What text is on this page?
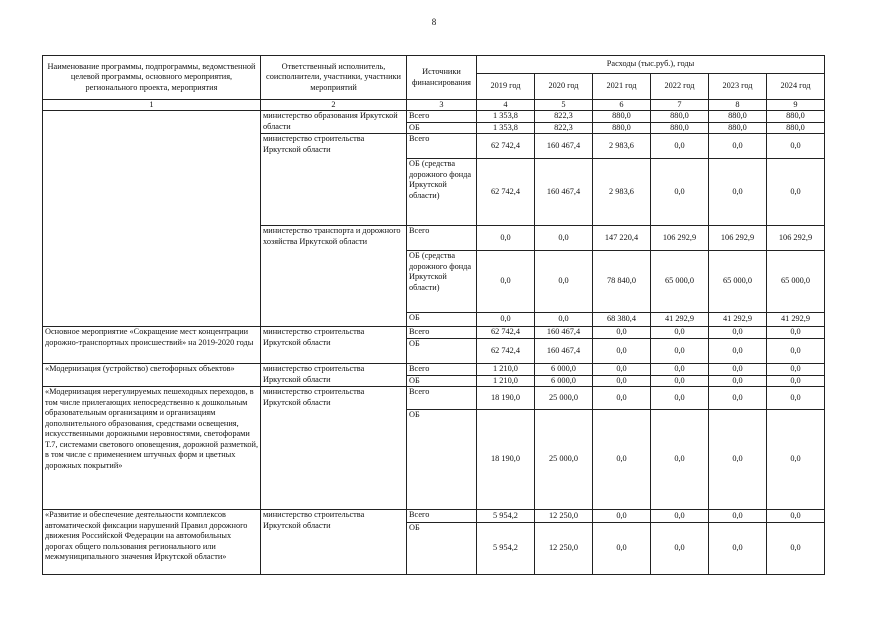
8
Наименование программы, подпрограммы, ведомственной целевой программы, основного мероприятия, регионального проекта, мероприятия	Ответственный исполнитель, соисполнители, участники, участники мероприятий	Источники финансирования	Расходы (тыс.руб.), годы					
			2019 год	2020 год	2021 год	2022 год	2023 год	2024 год
1	2	3	4	5	6	7	8	9
	министерство образования Иркутской области	Всего	1 353,8	822,3	880,0	880,0	880,0	880,0
		ОБ	1 353,8	822,3	880,0	880,0	880,0	880,0
	министерство строительства Иркутской области	Всего	62 742,4	160 467,4	2 983,6	0,0	0,0	0,0
		ОБ (средства дорожного фонда Иркутской области)	62 742,4	160 467,4	2 983,6	0,0	0,0	0,0
	министерство транспорта и дорожного хозяйства Иркутской области	Всего	0,0	0,0	147 220,4	106 292,9	106 292,9	106 292,9
		ОБ (средства дорожного фонда Иркутской области)	0,0	0,0	78 840,0	65 000,0	65 000,0	65 000,0
		ОБ	0,0	0,0	68 380,4	41 292,9	41 292,9	41 292,9
Основное мероприятие «Сокращение мест концентрации дорожно-транспортных происшествий» на 2019-2020 годы	министерство строительства Иркутской области	Всего	62 742,4	160 467,4	0,0	0,0	0,0	0,0
		ОБ	62 742,4	160 467,4	0,0	0,0	0,0	0,0
«Модернизация (устройство) светофорных объектов»	министерство строительства Иркутской области	Всего	1 210,0	6 000,0	0,0	0,0	0,0	0,0
		ОБ	1 210,0	6 000,0	0,0	0,0	0,0	0,0
«Модернизация нерегулируемых пешеходных переходов, в том числе прилегающих непосредственно к дошкольным образовательным организациям и организациям дополнительного образования, средствами освещения, искусственными дорожными неровностями, светофорами Т.7, системами светового оповещения, дорожной разметкой, в том числе с применением штучных форм и цветных дорожных покрытий»	министерство строительства Иркутской области	Всего	18 190,0	25 000,0	0,0	0,0	0,0	0,0
		ОБ	18 190,0	25 000,0	0,0	0,0	0,0	0,0
«Развитие и обеспечение деятельности комплексов автоматической фиксации нарушений Правил дорожного движения Российской Федерации на автомобильных дорогах общего пользования регионального или межмуниципального значения Иркутской области»	министерство строительства Иркутской области	Всего	5 954,2	12 250,0	0,0	0,0	0,0	0,0
		ОБ	5 954,2	12 250,0	0,0	0,0	0,0	0,0
